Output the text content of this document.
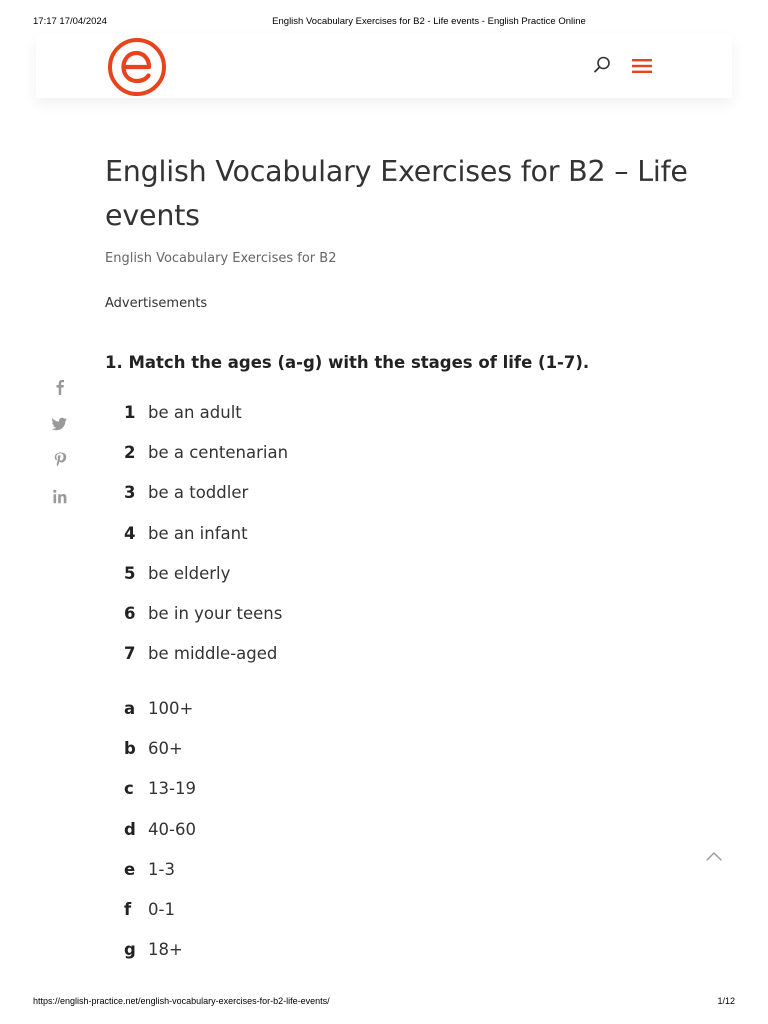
17:17 17/04/2024	English Vocabulary Exercises for B2 - Life events - English Practice Online
English Vocabulary Exercises for B2 – Life events
English Vocabulary Exercises for B2
Advertisements
1. Match the ages (a-g) with the stages of life (1-7).
1 be an adult
2 be a centenarian
3 be a toddler
4 be an infant
5 be elderly
6 be in your teens
7 be middle-aged
a 100+
b 60+
c 13-19
d 40-60
e 1-3
f 0-1
g 18+
https://english-practice.net/english-vocabulary-exercises-for-b2-life-events/	1/12
